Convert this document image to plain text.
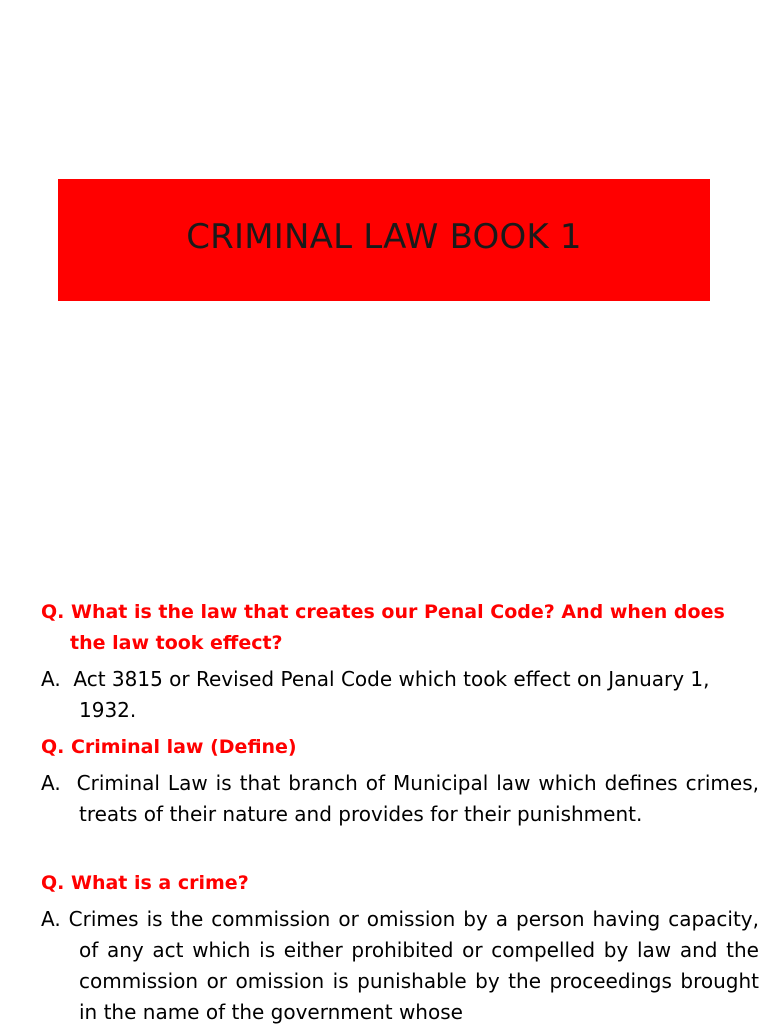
CRIMINAL LAW BOOK 1
Q. What is the law that creates our Penal Code? And when does the law took effect?
A.  Act 3815 or Revised Penal Code which took effect on January 1, 1932.
Q. Criminal law (Define)
A.  Criminal Law is that branch of Municipal law which defines crimes, treats of their nature and provides for their punishment.
Q. What is a crime?
A. Crimes is the commission or omission by a person having capacity, of any act which is either prohibited or compelled by law and the commission or omission is punishable by the proceedings brought in the name of the government whose
